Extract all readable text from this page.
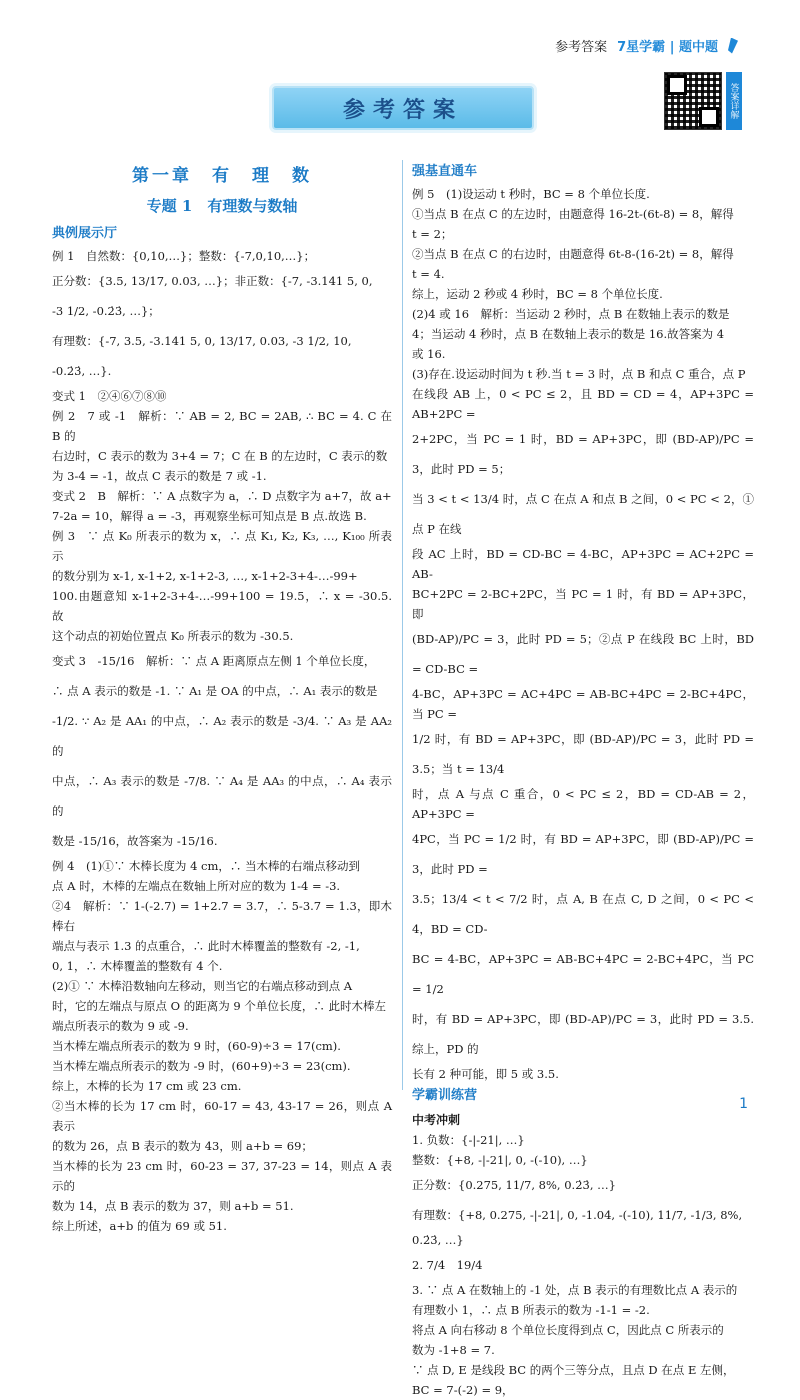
参考答案 7星学霸 | 题中题
参考答案	答案详解
第一章　有　理　数
专题 1　有理数与数轴
典例展示厅
例 1　自然数：{0,10,…}；整数：{-7,0,10,…}；
正分数：{3.5, 13/17, 0.03, …}；非正数：{-7, -3.141 5, 0,
-3 1/2, -0.2̇3̇, …}；
有理数：{-7, 3.5, -3.141 5, 0, 13/17, 0.03, -3 1/2, 10,
-0.2̇3̇, …}.
变式 1　②④⑥⑦⑧⑩
例 2　7 或 -1　解析：∵ AB = 2, BC = 2AB, ∴ BC = 4. C 在 B 的
右边时，C 表示的数为 3+4 = 7；C 在 B 的左边时，C 表示的数
为 3-4 = -1，故点 C 表示的数是 7 或 -1.
变式 2　B　解析：∵ A 点数字为 a，∴ D 点数字为 a+7，故 a+
7-2a = 10，解得 a = -3，再观察坐标可知点是 B 点.故选 B.
例 3　∵ 点 K₀ 所表示的数为 x，∴ 点 K₁, K₂, K₃, …, K₁₀₀ 所表示
的数分别为 x-1, x-1+2, x-1+2-3, …, x-1+2-3+4-…-99+
100.由题意知 x-1+2-3+4-…-99+100 = 19.5，∴ x = -30.5.故
这个动点的初始位置点 K₀ 所表示的数为 -30.5.
变式 3　-15/16　解析：∵ 点 A 距离原点左侧 1 个单位长度，
∴ 点 A 表示的数是 -1. ∵ A₁ 是 OA 的中点，∴ A₁ 表示的数是
-1/2. ∵ A₂ 是 AA₁ 的中点，∴ A₂ 表示的数是 -3/4. ∵ A₃ 是 AA₂ 的
中点，∴ A₃ 表示的数是 -7/8. ∵ A₄ 是 AA₃ 的中点，∴ A₄ 表示的
数是 -15/16，故答案为 -15/16.
例 4　(1)①∵ 木棒长度为 4 cm，∴ 当木棒的右端点移动到
点 A 时，木棒的左端点在数轴上所对应的数为 1-4 = -3.
②4　解析：∵ 1-(-2.7) = 1+2.7 = 3.7，∴ 5-3.7 = 1.3，即木棒右
端点与表示 1.3 的点重合，∴ 此时木棒覆盖的整数有 -2, -1,
0, 1，∴ 木棒覆盖的整数有 4 个.
(2)① ∵ 木棒沿数轴向左移动，则当它的右端点移动到点 A
时，它的左端点与原点 O 的距离为 9 个单位长度，∴ 此时木棒左
端点所表示的数为 9 或 -9.
当木棒左端点所表示的数为 9 时，(60-9)÷3 = 17(cm).
当木棒左端点所表示的数为 -9 时，(60+9)÷3 = 23(cm).
综上，木棒的长为 17 cm 或 23 cm.
②当木棒的长为 17 cm 时，60-17 = 43, 43-17 = 26，则点 A 表示
的数为 26，点 B 表示的数为 43，则 a+b = 69；
当木棒的长为 23 cm 时，60-23 = 37, 37-23 = 14，则点 A 表示的
数为 14，点 B 表示的数为 37，则 a+b = 51.
综上所述，a+b 的值为 69 或 51.
强基直通车
例 5　(1)设运动 t 秒时，BC = 8 个单位长度.
①当点 B 在点 C 的左边时，由题意得 16-2t-(6t-8) = 8，解得
t = 2；
②当点 B 在点 C 的右边时，由题意得 6t-8-(16-2t) = 8，解得
t = 4.
综上，运动 2 秒或 4 秒时，BC = 8 个单位长度.
(2)4 或 16　解析：当运动 2 秒时，点 B 在数轴上表示的数是
4；当运动 4 秒时，点 B 在数轴上表示的数是 16.故答案为 4
或 16.
(3)存在.设运动时间为 t 秒.当 t = 3 时，点 B 和点 C 重合，点 P
在线段 AB 上，0 < PC ≤ 2，且 BD = CD = 4，AP+3PC = AB+2PC =
2+2PC，当 PC = 1 时，BD = AP+3PC，即 (BD-AP)/PC = 3，此时 PD = 5；
当 3 < t < 13/4 时，点 C 在点 A 和点 B 之间，0 < PC < 2，①点 P 在线
段 AC 上时，BD = CD-BC = 4-BC，AP+3PC = AC+2PC = AB-
BC+2PC = 2-BC+2PC，当 PC = 1 时，有 BD = AP+3PC，即
(BD-AP)/PC = 3，此时 PD = 5；②点 P 在线段 BC 上时，BD = CD-BC =
4-BC，AP+3PC = AC+4PC = AB-BC+4PC = 2-BC+4PC，当 PC =
1/2 时，有 BD = AP+3PC，即 (BD-AP)/PC = 3，此时 PD = 3.5；当 t = 13/4
时，点 A 与点 C 重合，0 < PC ≤ 2，BD = CD-AB = 2，AP+3PC =
4PC，当 PC = 1/2 时，有 BD = AP+3PC，即 (BD-AP)/PC = 3，此时 PD =
3.5；13/4 < t < 7/2 时，点 A, B 在点 C, D 之间，0 < PC < 4，BD = CD-
BC = 4-BC，AP+3PC = AB-BC+4PC = 2-BC+4PC，当 PC = 1/2
时，有 BD = AP+3PC，即 (BD-AP)/PC = 3，此时 PD = 3.5.综上，PD 的
长有 2 种可能，即 5 或 3.5.
学霸训练营
中考冲刺
1. 负数：{-|-21|, …}
整数：{+8, -|-21|, 0, -(-10), …}
正分数：{0.275, 11/7, 8%, 0.2̇3̇, …}
有理数：{+8, 0.275, -|-21|, 0, -1.04, -(-10), 11/7, -1/3, 8%,
0.2̇3̇, …}
2. 7/4　19/4
3. ∵ 点 A 在数轴上的 -1 处，点 B 表示的有理数比点 A 表示的
有理数小 1，∴ 点 B 所表示的数为 -1-1 = -2.
将点 A 向右移动 8 个单位长度得到点 C，因此点 C 所表示的
数为 -1+8 = 7.
∵ 点 D, E 是线段 BC 的两个三等分点，且点 D 在点 E 左侧，
BC = 7-(-2) = 9，
1
